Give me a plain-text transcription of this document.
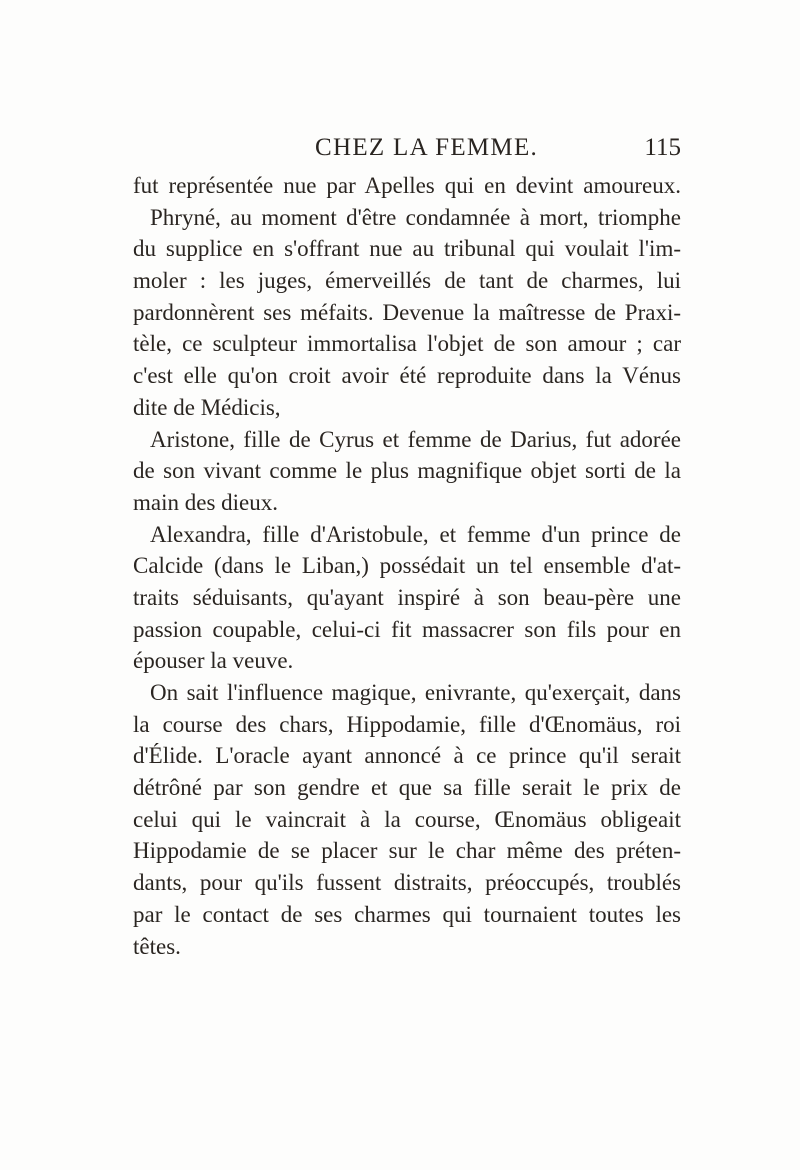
CHEZ LA FEMME.	115
fut représentée nue par Apelles qui en devint amoureux.
Phryné, au moment d'être condamnée à mort, triomphe
du supplice en s'offrant nue au tribunal qui voulait l'im-
moler : les juges, émerveillés de tant de charmes, lui
pardonnèrent ses méfaits. Devenue la maîtresse de Praxi-
tèle, ce sculpteur immortalisa l'objet de son amour ; car
c'est elle qu'on croit avoir été reproduite dans la Vénus
dite de Médicis,
Aristone, fille de Cyrus et femme de Darius, fut adorée
de son vivant comme le plus magnifique objet sorti de la
main des dieux.
Alexandra, fille d'Aristobule, et femme d'un prince de
Calcide (dans le Liban,) possédait un tel ensemble d'at-
traits séduisants, qu'ayant inspiré à son beau-père une
passion coupable, celui-ci fit massacrer son fils pour en
épouser la veuve.
On sait l'influence magique, enivrante, qu'exerçait, dans
la course des chars, Hippodamie, fille d'Œnomäus, roi
d'Élide. L'oracle ayant annoncé à ce prince qu'il serait
détrôné par son gendre et que sa fille serait le prix de
celui qui le vaincrait à la course, Œnomäus obligeait
Hippodamie de se placer sur le char même des préten-
dants, pour qu'ils fussent distraits, préoccupés, troublés
par le contact de ses charmes qui tournaient toutes les
têtes.
